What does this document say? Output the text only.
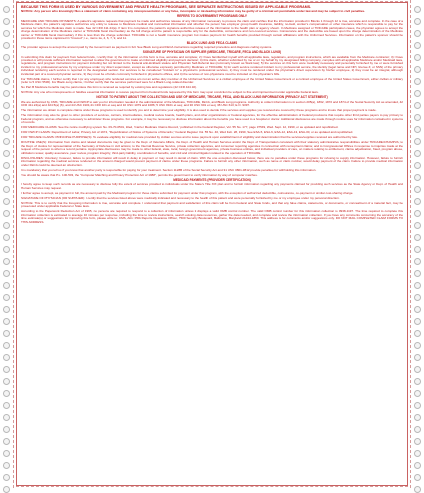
BECAUSE THIS FORM IS USED BY VARIOUS GOVERNMENT AND PRIVATE HEALTH PROGRAMS, SEE SEPARATE INSTRUCTIONS ISSUED BY APPLICABLE PROGRAMS.

NOTICE: Any person who knowingly files a statement of claim containing any misrepresentation or any false, incomplete or misleading information may be guilty of a criminal act punishable under law and may be subject to civil penalties.

REFERS TO GOVERNMENT PROGRAMS ONLY

MEDICARE AND TRICARE PAYMENTS: A patient's signature requests that payment be made and authorizes release of any information necessary to process the claim and certifies that the information provided in Blocks 1 through 12 is true, accurate and complete. In the case of a Medicare claim, the patient's signature authorizes any entity to release to Medicare medical and nonmedical information and whether the person has employer group health insurance, liability, no-fault, worker's compensation or other insurance which is responsible to pay for the services for which the Medicare claim is made. See 42 CFR 411.24(a). If item 9 is completed, the patient's signature authorizes release of the information to the health plan or agency shown. In Medicare assigned or TRICARE participation cases, the physician agrees to accept the charge determination of the Medicare carrier or TRICARE fiscal intermediary as the full charge and the patient is responsible only for the deductible, coinsurance and non-covered services. Coinsurance and the deductible are based upon the charge determination of the Medicare carrier or TRICARE fiscal intermediary if this is less than the charge submitted. TRICARE is not a health insurance program but makes payment for health benefits provided through certain affiliations with the Uniformed Services. Information on the patient's sponsor should be provided in those items captioned in "Insured"; i.e., items 1a, 4, 6, 7, 9, and 11.

BLACK LUNG AND FECA CLAIMS

The provider agrees to accept the amount paid by the Government as payment in full. See Black Lung and FECA instructions regarding required procedure and diagnosis coding systems.

SIGNATURE OF PHYSICIAN OR SUPPLIER (MEDICARE, TRICARE, FECA AND BLACK LUNG)

In submitting this claim for payment from federal funds, I certify that: 1) the information on this form is true, accurate and complete; 2) I have familiarized myself with all applicable laws, regulations, and program instructions, which are available from the Medicare contractor; 3) I have provided or will provide sufficient information required to allow the government to make an informed eligibility and payment decision; 4) this claim, whether submitted by me or on my behalf by my designated billing company, complies with all applicable Medicare and/or Medicaid laws, regulations, and program instructions for payment including but not limited to the Federal anti-kickback statute and Physician Self-Referral law (commonly known as Stark law); 5) the services on this form were medically necessary and personally furnished by me or were furnished incident to my professional service by my employee under my direct supervision, except as otherwise expressly permitted by Medicare or TRICARE; 6) for each service rendered incident to my professional service, the identity (legal name and NPI, license #, or SSN) of the primary individual rendering each service is reported in the designated section. For services to be considered "incident to" a physician's professional services, 1) they must be rendered under the physician's direct supervision by his/her employee, 2) they must be an integral, although incidental part of a covered physician service, 3) they must be of kinds commonly furnished in physician's offices, and 4) the services of non-physicians must be included on the physician's bills.

For TRICARE claims, I further certify that I (or any employee) who rendered services am not an active duty member of the Uniformed Services or a civilian employee of the United States Government or a contract employee of the United States Government, either civilian or military (refer to 5 USC 5536). For Black-Lung claims, I further certify that the services performed were for a Black Lung-related disorder.

No Part B Medicare benefits may be paid unless this form is received as required by existing law and regulations (42 CFR 424.32).

NOTICE: Any one who misrepresents or falsifies essential information to receive payment from Federal funds requested by this form may upon conviction be subject to fine and imprisonment under applicable Federal laws.

NOTICE TO PATIENT ABOUT THE COLLECTION AND USE OF MEDICARE, TRICARE, FECA, AND BLACK LUNG INFORMATION (PRIVACY ACT STATEMENT)

We are authorized by CMS, TRICARE and OWCP to ask you for information needed in the administration of the Medicare, TRICARE, FECA, and Black Lung programs. Authority to collect information is in section 205(a), 1862, 1872 and 1874 of the Social Security Act as amended, 42 CFR 411.24(a) and 424.5(a) (6), and 44 USC 3101;41 CFR 101 et seq and 10 USC 1079 and 1086; 5 USC 8101 et seq; and 30 USC 901 et seq; 38 USC 613; E.O. 9397.

The information we obtain to complete claims under these programs is used to identify you and to determine your eligibility. It is also used to decide if the services and supplies you received are covered by these programs and to insure that proper payment is made.

The information may also be given to other providers of services, carriers, intermediaries, medical review boards, health plans, and other organizations or Federal agencies, for the effective administration of Federal provisions that require other third parties payers to pay primary to Federal program, and as otherwise necessary to administer these programs. For example, it may be necessary to disclose information about the benefits you have used to a hospital or doctor. Additional disclosures are made through routine uses for information contained in systems of records.

FOR MEDICARE CLAIMS: See the notice modifying system No. 09-70-0501, titled, 'Carrier Medicare Claims Record,' published in the Federal Register, Vol. 55 No. 177, page 37549, Wed. Sept. 12, 1990, or as updated and republished.

FOR OWCP CLAIMS: Department of Labor, Privacy Act of 1974, "Republication of Notice of Systems of Records," Federal Register Vol. 55 No. 40, Wed Feb. 28, 1990, See ESA-5, ESA-6, ESA-12, ESA-13, ESA-30, or as updated and republished.

FOR TRICARE CLAIMS: PRINCIPLE PURPOSE(S): To evaluate eligibility for medical care provided by civilian sources and to issue payment upon establishment of eligibility and determination that the services/supplies received are authorized by law.

ROUTINE USE(S): Information from claims and related documents may be given to the Dept. of Veterans Affairs, the Dept. of Health and Human Services and/or the Dept. of Transportation consistent with their statutory administrative responsibilities under TRICARE/CHAMPVA; to the Dept. of Justice for representation of the Secretary of Defense in civil actions; to the Internal Revenue Service, private collection agencies, and consumer reporting agencies in connection with recoupment claims; and to Congressional Offices in response to inquiries made at the request of the person to whom a record pertains. Appropriate disclosures may be made to other federal, state, local, foreign government agencies, private business entities, and individual providers of care, on matters relating to entitlement, claims adjudication, fraud, program abuse, utilization review, quality assurance, peer review, program integrity, third-party liability, coordination of benefits, and civil and criminal litigation related to the operation of TRICARE.

DISCLOSURES: Voluntary; however, failure to provide information will result in delay in payment or may result in denial of claim. With the one exception discussed below, there are no penalties under these programs for refusing to supply information. However, failure to furnish information regarding the medical services rendered or the amount charged would prevent payment of claims under these programs. Failure to furnish any other information, such as name or claim number, would delay payment of the claim. Failure to provide medical information under FECA could be deemed an obstruction.

It is mandatory that you tell us if you know that another party is responsible for paying for your treatment. Section 1128B of the Social Security Act and 31 USC 3801-3812 provide penalties for withholding this information.

You should be aware that P.L. 100-503, the "Computer Matching and Privacy Protection Act of 1988", permits the government to verify information by way of computer matches.

MEDICAID PAYMENTS (PROVIDER CERTIFICATION)

I hereby agree to keep such records as are necessary to disclose fully the extent of services provided to individuals under the State's Title XIX plan and to furnish information regarding any payments claimed for providing such services as the State Agency or Dept. of Health and Human Services may request.

I further agree to accept, as payment in full, the amount paid by the Medicaid program for those claims submitted for payment under that program, with the exception of authorized deductible, coinsurance, co-payment or similar cost-sharing charge.

SIGNATURE OF PHYSICIAN (OR SUPPLIER): I certify that the services listed above were medically indicated and necessary to the health of this patient and were personally furnished by me or my employee under my personal direction.

NOTICE: This is to certify that the foregoing information is true, accurate and complete. I understand that payment and satisfaction of this claim will be from Federal and State funds, and that any false claims, statements, or documents, or concealment of a material fact, may be prosecuted under applicable Federal or State laws.

According to the Paperwork Reduction Act of 1995, no persons are required to respond to a collection of information unless it displays a valid OMB control number. The valid OMB control number for this information collection is 0938-1197. The time required to complete this information collection is estimated to average 10 minutes per response, including the time to review instructions, search existing data resources, gather the data needed, and complete and review the information collection. If you have any comments concerning the accuracy of the time estimate(s) or suggestions for improving this form, please write to: CMS, Attn: PRA Reports Clearance Officer, 7500 Security Boulevard, Baltimore, Maryland 21244-1850. This address is for comments and/or suggestions only. DO NOT MAIL COMPLETED CLAIM FORMS TO THIS ADDRESS.
